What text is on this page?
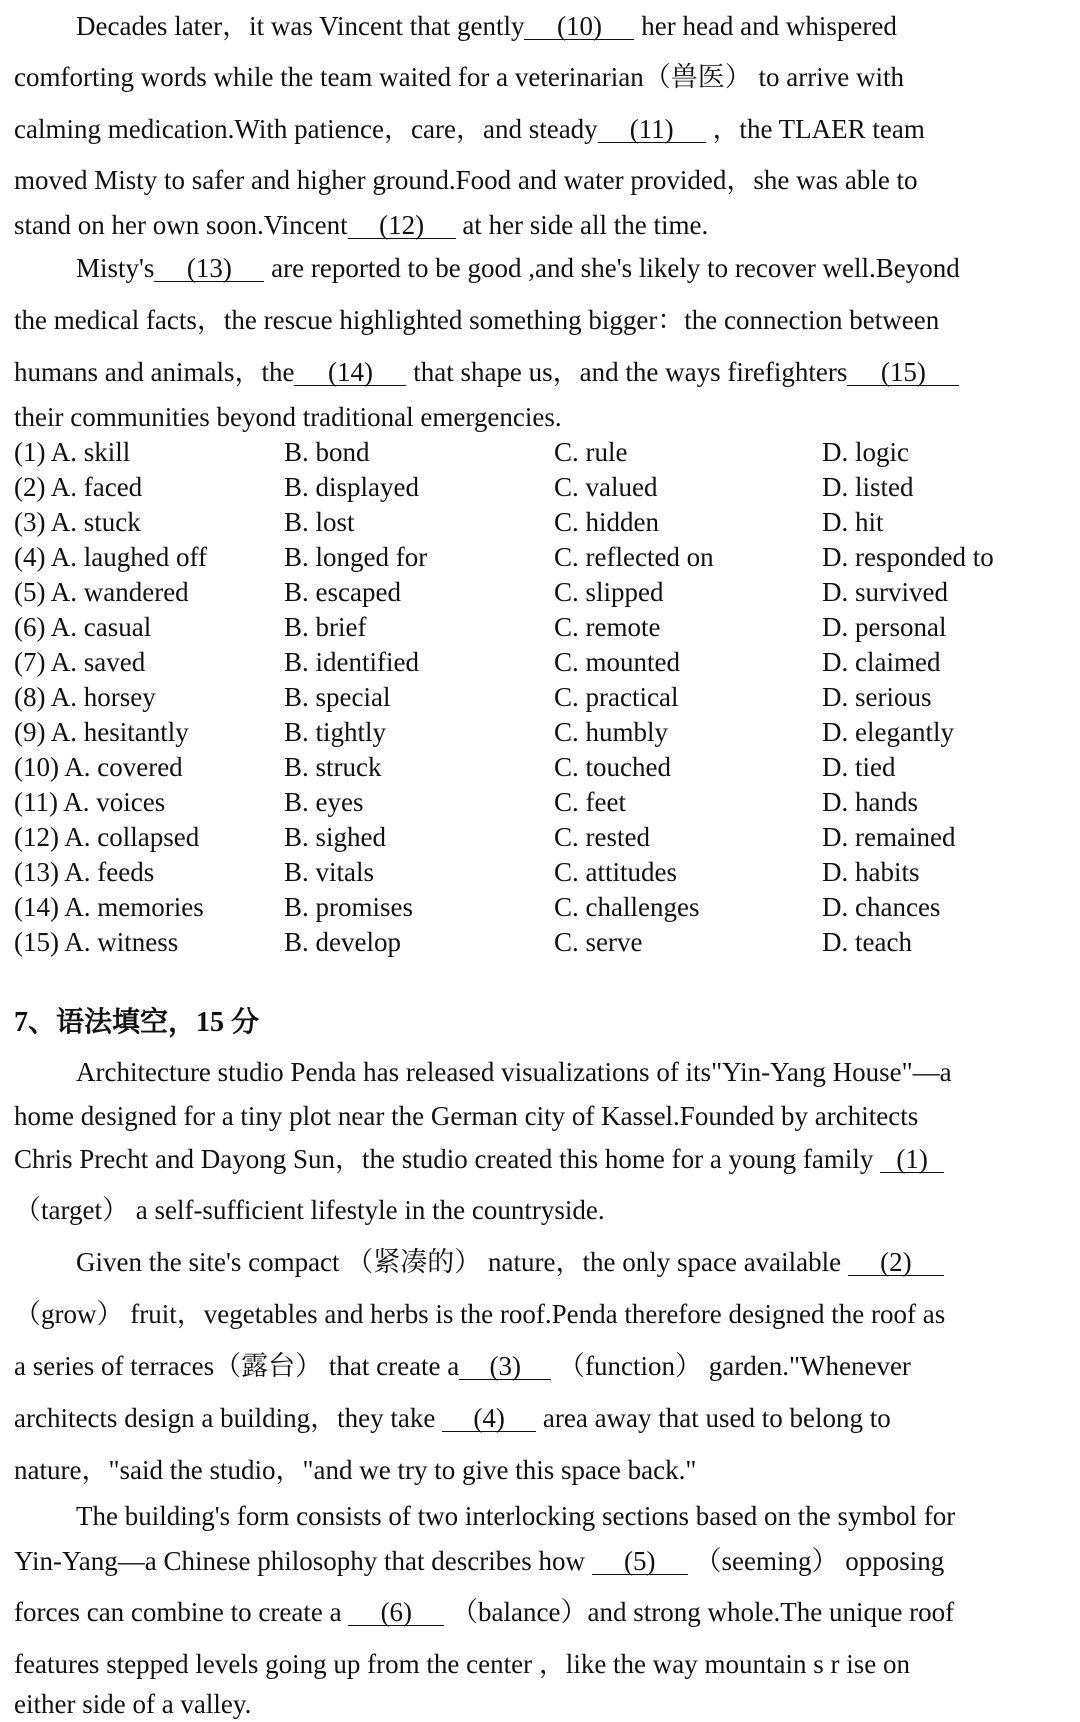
Decades later，it was Vincent that gently (10) her head and whispered
comforting words while the team waited for a veterinarian（兽医） to arrive with
calming medication.With patience，care，and steady (11) ，the TLAER team
moved Misty to safer and higher ground.Food and water provided，she was able to
stand on her own soon.Vincent (12) at her side all the time.
Misty's (13) are reported to be good ,and she's likely to recover well.Beyond
the medical facts，the rescue highlighted something bigger：the connection between
humans and animals，the (14) that shape us，and the ways firefighters (15)
their communities beyond traditional emergencies.
(1) A. skill	B. bond	C. rule	D. logic
(2) A. faced	B. displayed	C. valued	D. listed
(3) A. stuck	B. lost	C. hidden	D. hit
(4) A. laughed off	B. longed for	C. reflected on	D. responded to
(5) A. wandered	B. escaped	C. slipped	D. survived
(6) A. casual	B. brief	C. remote	D. personal
(7) A. saved	B. identified	C. mounted	D. claimed
(8) A. horsey	B. special	C. practical	D. serious
(9) A. hesitantly	B. tightly	C. humbly	D. elegantly
(10) A. covered	B. struck	C. touched	D. tied
(11) A. voices	B. eyes	C. feet	D. hands
(12) A. collapsed	B. sighed	C. rested	D. remained
(13) A. feeds	B. vitals	C. attitudes	D. habits
(14) A. memories	B. promises	C. challenges	D. chances
(15) A. witness	B. develop	C. serve	D. teach
7、语法填空，15 分
Architecture studio Penda has released visualizations of its"Yin-Yang House"—a
home designed for a tiny plot near the German city of Kassel.Founded by architects
Chris Precht and Dayong Sun，the studio created this home for a young family (1)
（target） a self-sufficient lifestyle in the countryside.
Given the site's compact （紧凑的） nature，the only space available (2)
（grow） fruit，vegetables and herbs is the roof.Penda therefore designed the roof as
a series of terraces（露台） that create a (3) （function） garden."Whenever
architects design a building，they take (4) area away that used to belong to
nature，"said the studio，"and we try to give this space back."
The building's form consists of two interlocking sections based on the symbol for
Yin-Yang—a Chinese philosophy that describes how (5) （seeming） opposing
forces can combine to create a (6) （balance）and strong whole.The unique roof
features stepped levels going up from the center ，like the way mountain s r ise on
either side of a valley.
